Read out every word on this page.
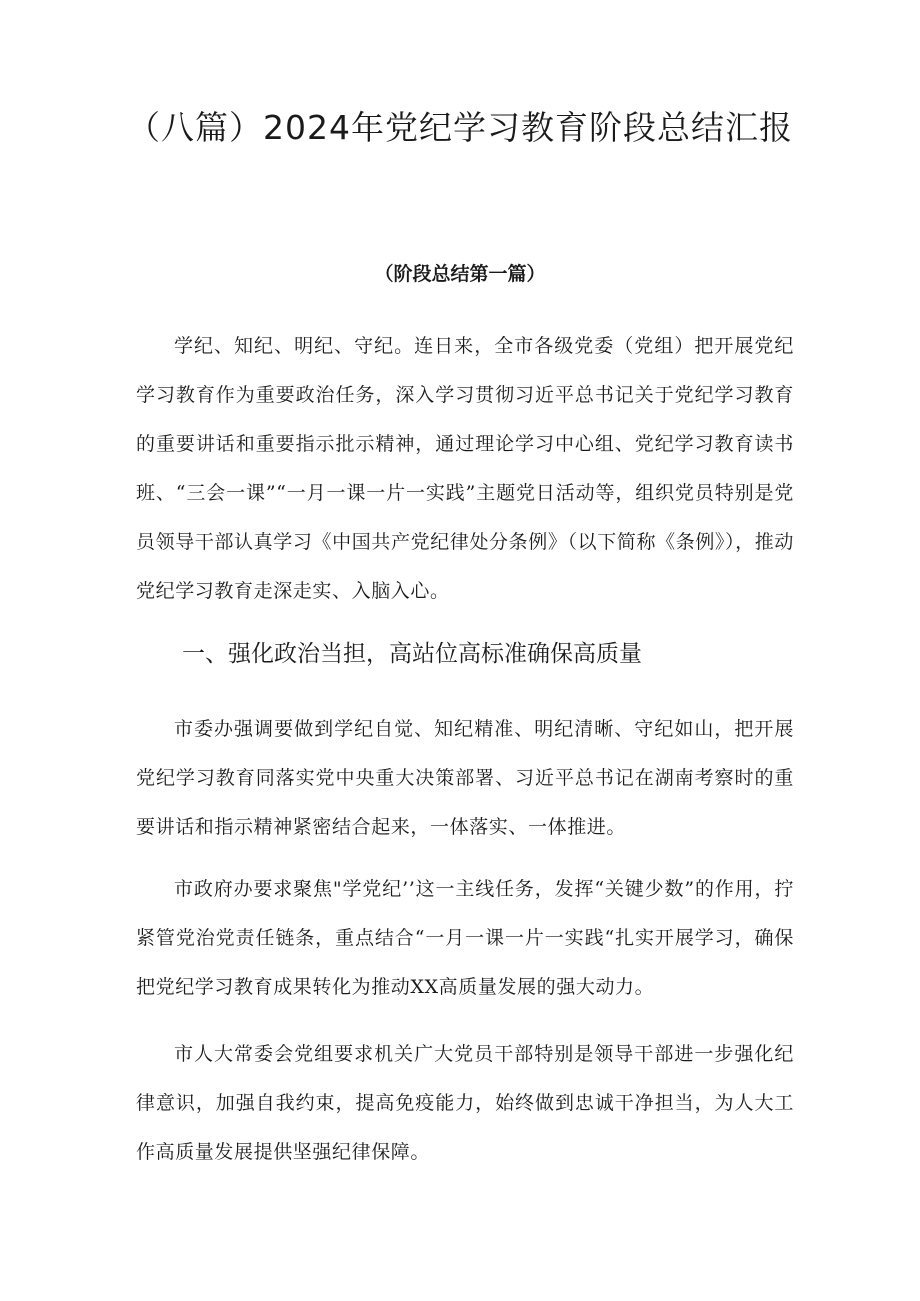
（八篇）2024年党纪学习教育阶段总结汇报

（阶段总结第一篇）

学纪、知纪、明纪、守纪。连日来，全市各级党委（党组）把开展党纪学习教育作为重要政治任务，深入学习贯彻习近平总书记关于党纪学习教育的重要讲话和重要指示批示精神，通过理论学习中心组、党纪学习教育读书班、“三会一课”“一月一课一片一实践”主题党日活动等，组织党员特别是党员领导干部认真学习《中国共产党纪律处分条例》（以下简称《条例》），推动党纪学习教育走深走实、入脑入心。

一、强化政治当担，高站位高标准确保高质量

市委办强调要做到学纪自觉、知纪精准、明纪清晰、守纪如山，把开展党纪学习教育同落实党中央重大决策部署、习近平总书记在湖南考察时的重要讲话和指示精神紧密结合起来，一体落实、一体推进。

市政府办要求聚焦"学党纪’’这一主线任务，发挥“关键少数”的作用，拧紧管党治党责任链条，重点结合“一月一课一片一实践“扎实开展学习，确保把党纪学习教育成果转化为推动XX高质量发展的强大动力。

市人大常委会党组要求机关广大党员干部特别是领导干部进一步强化纪律意识，加强自我约束，提高免疫能力，始终做到忠诚干净担当，为人大工作高质量发展提供坚强纪律保障。
